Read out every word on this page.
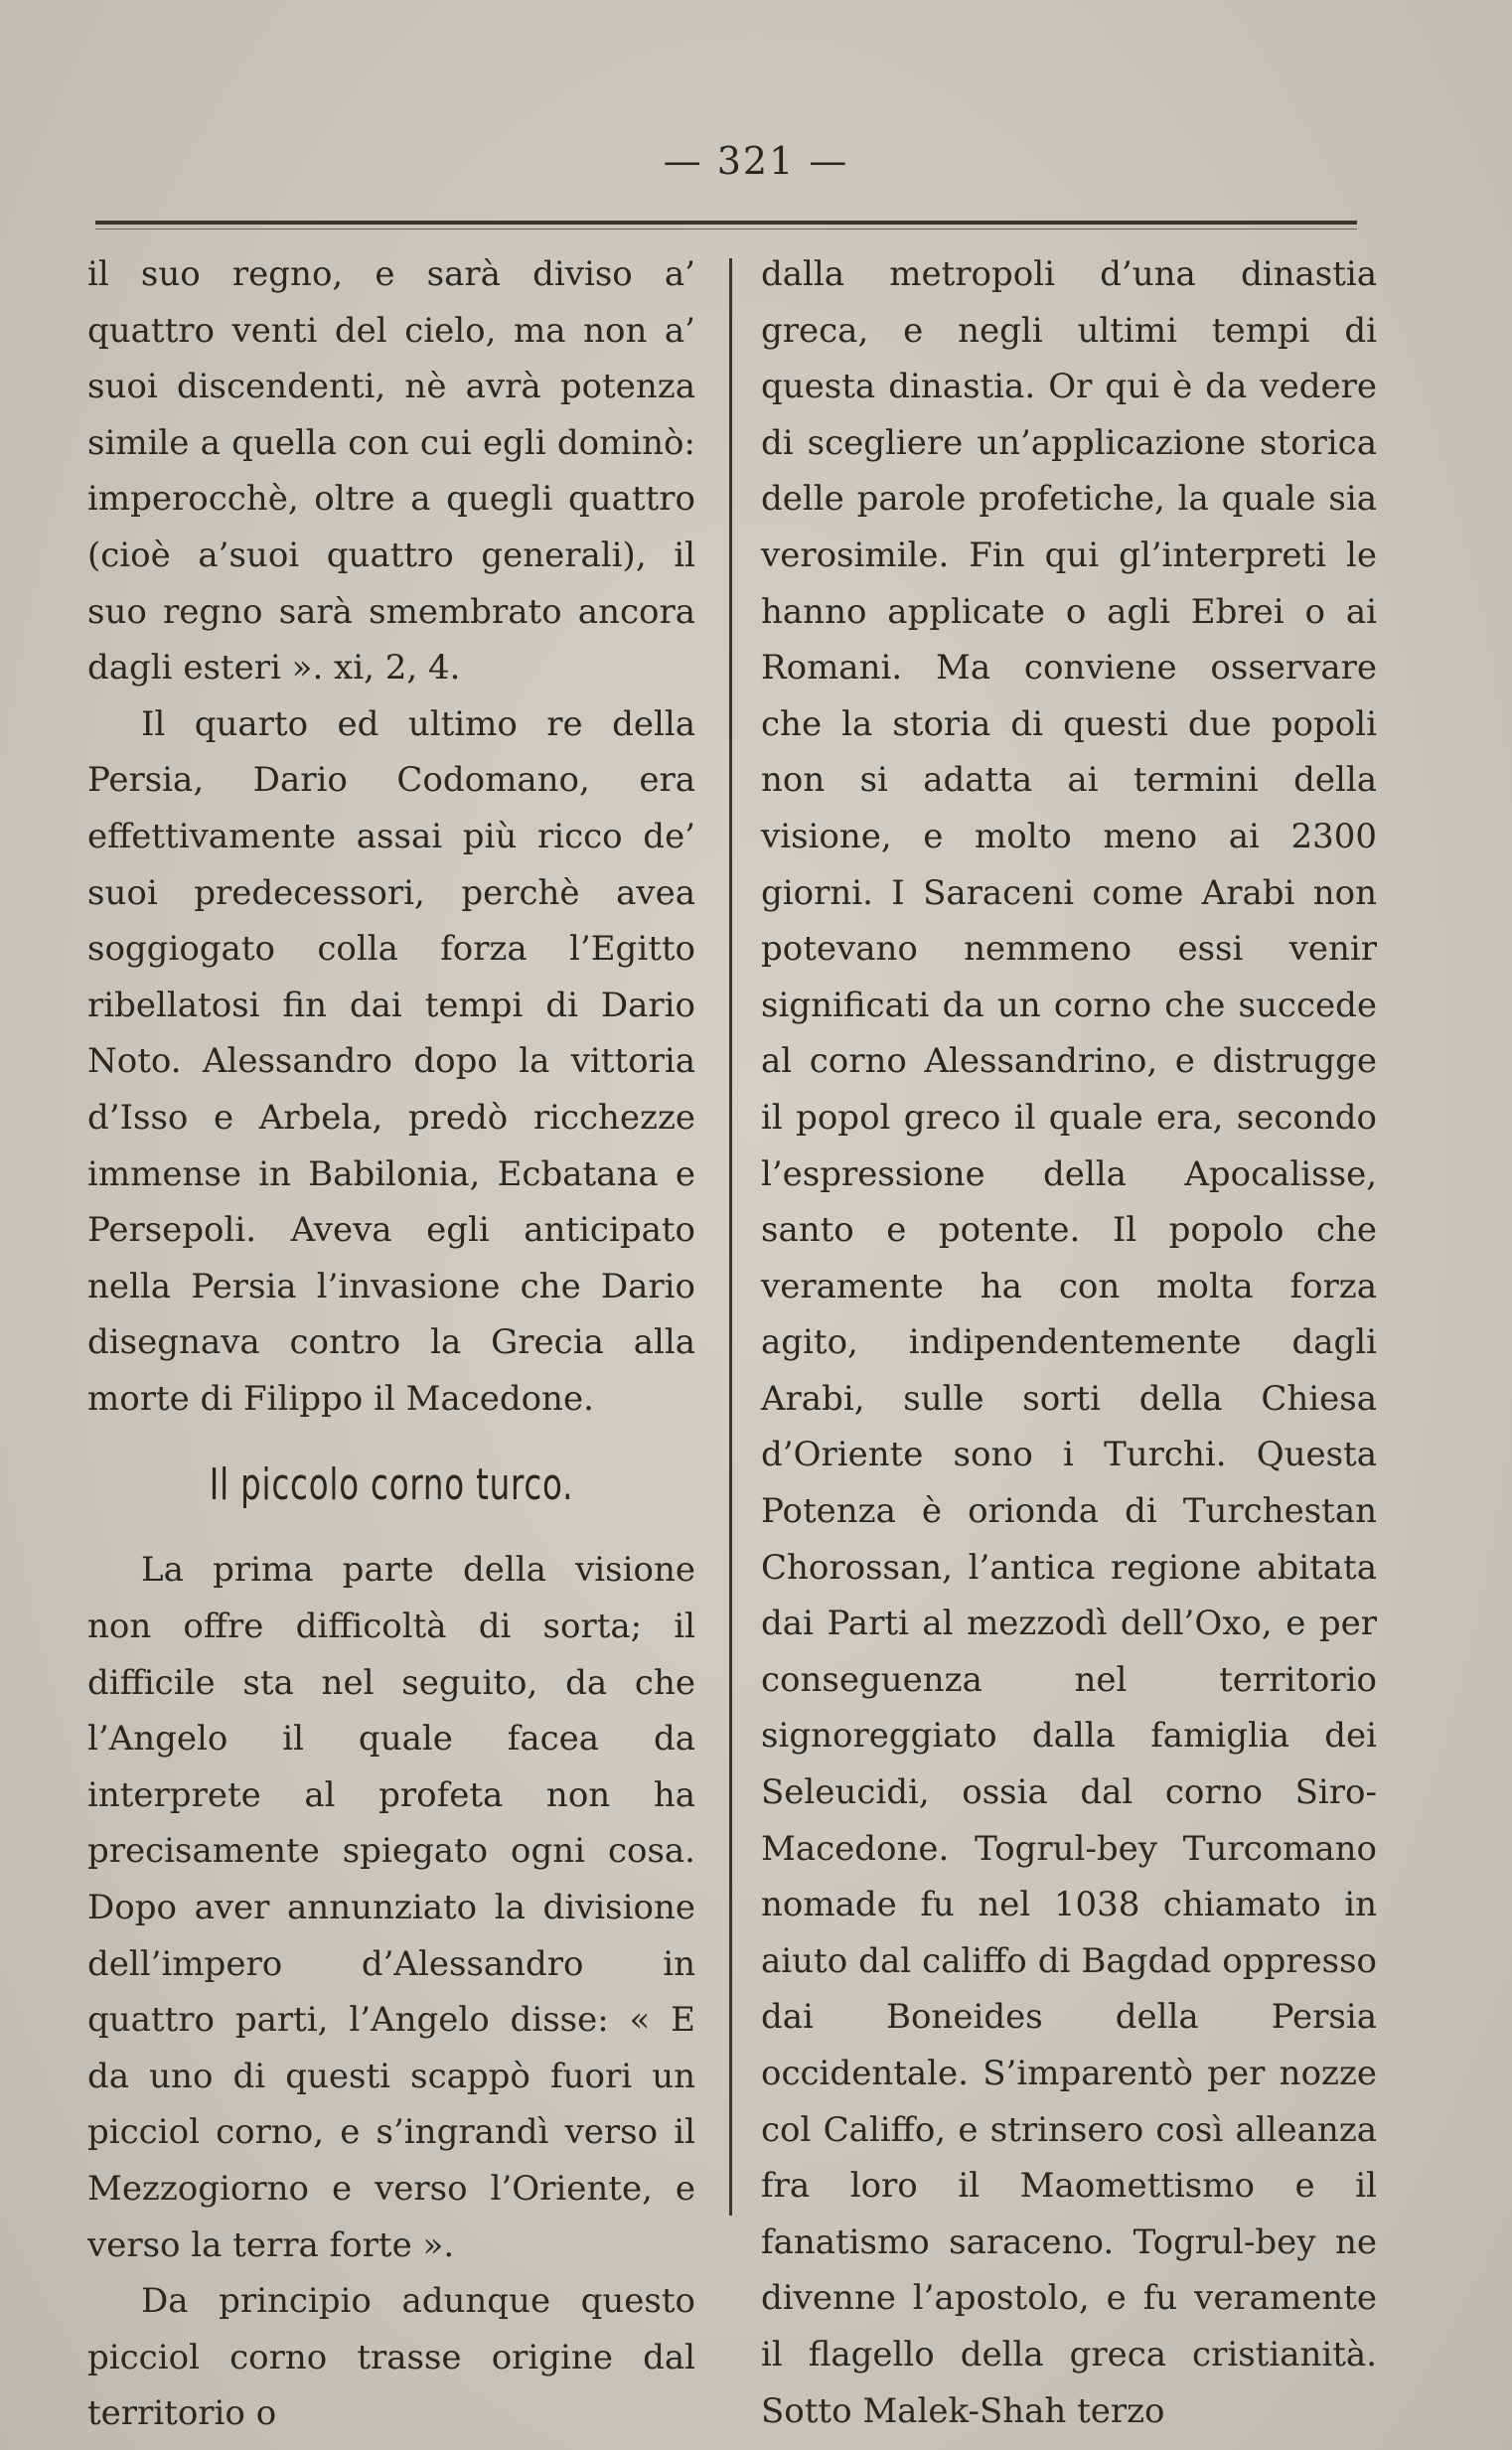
— 321 —

il suo regno, e sarà diviso a’ quattro venti del cielo, ma non a’ suoi discendenti, nè avrà potenza simile a quella con cui egli dominò: imperocchè, oltre a quegli quattro (cioè a’suoi quattro generali), il suo regno sarà smembrato ancora dagli esteri ». xi, 2, 4.

Il quarto ed ultimo re della Persia, Dario Codomano, era effettivamente assai più ricco de’ suoi predecessori, perchè avea soggiogato colla forza l’Egitto ribellatosi fin dai tempi di Dario Noto. Alessandro dopo la vittoria d’Isso e Arbela, predò ricchezze immense in Babilonia, Ecbatana e Persepoli. Aveva egli anticipato nella Persia l’invasione che Dario disegnava contro la Grecia alla morte di Filippo il Macedone.

Il piccolo corno turco.

La prima parte della visione non offre difficoltà di sorta; il difficile sta nel seguito, da che l’Angelo il quale facea da interprete al profeta non ha precisamente spiegato ogni cosa. Dopo aver annunziato la divisione dell’impero d’Alessandro in quattro parti, l’Angelo disse: « E da uno di questi scappò fuori un picciol corno, e s’ingrandì verso il Mezzogiorno e verso l’Oriente, e verso la terra forte ».

Da principio adunque questo picciol corno trasse origine dal territorio o

dalla metropoli d’una dinastia greca, e negli ultimi tempi di questa dinastia. Or qui è da vedere di scegliere un’applicazione storica delle parole profetiche, la quale sia verosimile. Fin qui gl’interpreti le hanno applicate o agli Ebrei o ai Romani. Ma conviene osservare che la storia di questi due popoli non si adatta ai termini della visione, e molto meno ai 2300 giorni. I Saraceni come Arabi non potevano nemmeno essi venir significati da un corno che succede al corno Alessandrino, e distrugge il popol greco il quale era, secondo l’espressione della Apocalisse, santo e potente. Il popolo che veramente ha con molta forza agito, indipendentemente dagli Arabi, sulle sorti della Chiesa d’Oriente sono i Turchi. Questa Potenza è orionda di Turchestan Chorossan, l’antica regione abitata dai Parti al mezzodì dell’Oxo, e per conseguenza nel territorio signoreggiato dalla famiglia dei Seleucidi, ossia dal corno Siro-Macedone. Togrul-bey Turcomano nomade fu nel 1038 chiamato in aiuto dal califfo di Bagdad oppresso dai Boneides della Persia occidentale. S’imparentò per nozze col Califfo, e strinsero così alleanza fra loro il Maomettismo e il fanatismo saraceno. Togrul-bey ne divenne l’apostolo, e fu veramente il flagello della greca cristianità. Sotto Malek-Shah terzo
